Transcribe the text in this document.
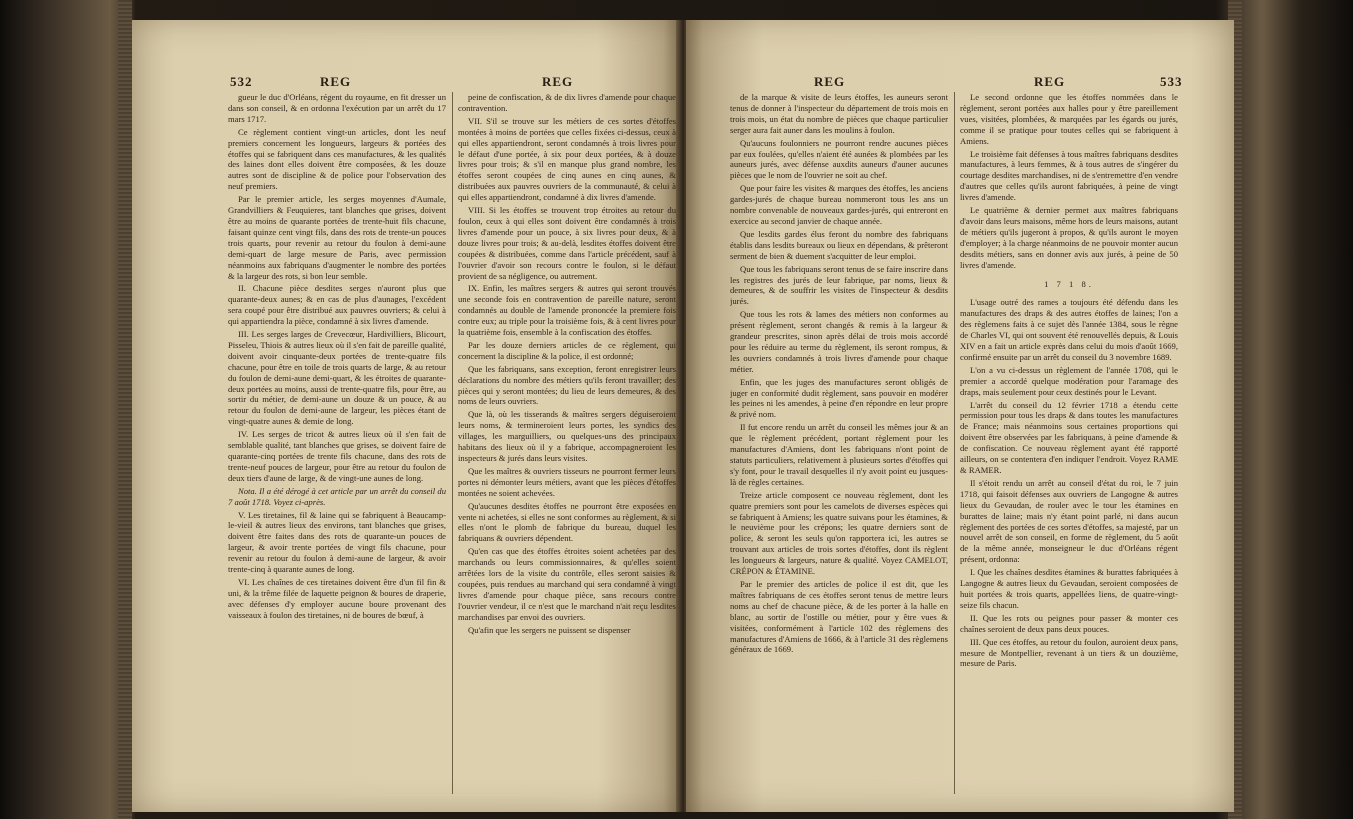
532	REG	REG

gueur le duc d'Orléans, régent du royaume, en fit dresser un dans son conseil, & en ordonna l'exécution par un arrêt du 17 mars 1717.

Ce règlement contient vingt-un articles, dont les neuf premiers concernent les longueurs, largeurs & portées des étoffes qui se fabriquent dans ces manufactures, & les qualités des laines dont elles doivent être composées, & les douze autres sont de discipline & de police pour l'observation des neuf premiers.

Par le premier article, les serges moyennes d'Aumale, Grandvilliers & Feuquieres, tant blanches que grises, doivent être au moins de quarante portées de trente-huit fils chacune, faisant quinze cent vingt fils, dans des rots de trente-un pouces trois quarts, pour revenir au retour du foulon à demi-aune demi-quart de large mesure de Paris, avec permission néanmoins aux fabriquans d'augmenter le nombre des portées & la largeur des rots, si bon leur semble.

II. Chacune pièce desdites serges n'auront plus que quarante-deux aunes; & en cas de plus d'aunages, l'excédent sera coupé pour être distribué aux pauvres ouvriers; & celui à qui appartiendra la pièce, condamné à six livres d'amende.

III. Les serges larges de Crevecœur, Hardivilliers, Blicourt, Pisseleu, Thiois & autres lieux où il s'en fait de pareille qualité, doivent avoir cinquante-deux portées de trente-quatre fils chacune, pour être en toile de trois quarts de large, & au retour du foulon de demi-aune demi-quart, & les étroites de quarante-deux portées au moins, aussi de trente-quatre fils, pour être, au sortir du métier, de demi-aune un douze & un pouce, & au retour du foulon de demi-aune de largeur, les pièces étant de vingt-quatre aunes & demie de long.

IV. Les serges de tricot & autres lieux où il s'en fait de semblable qualité, tant blanches que grises, se doivent faire de quarante-cinq portées de trente fils chacune, dans des rots de trente-neuf pouces de largeur, pour être au retour du foulon de deux tiers d'aune de large, & de vingt-une aunes de long.

Nota. Il a été dérogé à cet article par un arrêt du conseil du 7 août 1718. Voyez ci-après.

V. Les tiretaines, fil & laine qui se fabriquent à Beaucamp-le-vieil & autres lieux des environs, tant blanches que grises, doivent être faites dans des rots de quarante-un pouces de largeur, & avoir trente portées de vingt fils chacune, pour revenir au retour du foulon à demi-aune de largeur, & avoir trente-cinq à quarante aunes de long.

VI. Les chaînes de ces tiretaines doivent être d'un fil fin & uni, & la trême filée de laquette peignon & boures de draperie, avec défenses d'y employer aucune boure provenant des vaisseaux à foulon des tiretaines, ni de boures de bœuf, à

peine de confiscation, & de dix livres d'amende pour chaque contravention.

VII. S'il se trouve sur les métiers de ces sortes d'étoffes montées à moins de portées que celles fixées ci-dessus, ceux à qui elles appartiendront, seront condamnés à trois livres pour le défaut d'une portée, à six pour deux portées, & à douze livres pour trois; & s'il en manque plus grand nombre, les étoffes seront coupées de cinq aunes en cinq aunes, & distribuées aux pauvres ouvriers de la communauté, & celui à qui elles appartiendront, condamné à dix livres d'amende.

VIII. Si les étoffes se trouvent trop étroites au retour du foulon, ceux à qui elles sont doivent être condamnés à trois livres d'amende pour un pouce, à six livres pour deux, & à douze livres pour trois; & au-delà, lesdites étoffes doivent être coupées & distribuées, comme dans l'article précédent, sauf à l'ouvrier d'avoir son recours contre le foulon, si le défaut provient de sa négligence, ou autrement.

IX. Enfin, les maîtres sergers & autres qui seront trouvés une seconde fois en contravention de pareille nature, seront condamnés au double de l'amende prononcée la premiere fois contre eux; au triple pour la troisième fois, & à cent livres pour la quatrième fois, ensemble à la confiscation des étoffes.

Par les douze derniers articles de ce règlement, qui concernent la discipline & la police, il est ordonné;

Que les fabriquans, sans exception, feront enregistrer leurs déclarations du nombre des métiers qu'ils feront travailler; des pièces qui y seront montées; du lieu de leurs demeures, & des noms de leurs ouvriers.

Que là, où les tisserands & maîtres sergers déguiseroient leurs noms, & termineroient leurs portes, les syndics des villages, les marguilliers, ou quelques-uns des principaux habitans des lieux où il y a fabrique, accompagneroient les inspecteurs & jurés dans leurs visites.

Que les maîtres & ouvriers tisseurs ne pourront fermer leurs portes ni démonter leurs métiers, avant que les pièces d'étoffes montées ne soient achevées.

Qu'aucunes desdites étoffes ne pourront être exposées en vente ni achetées, si elles ne sont conformes au règlement, & si elles n'ont le plomb de fabrique du bureau, duquel les fabriquans & ouvriers dépendent.

Qu'en cas que des étoffes étroites soient achetées par des marchands ou leurs commissionnaires, & qu'elles soient arrêtées lors de la visite du contrôle, elles seront saisies & coupées, puis rendues au marchand qui sera condamné à vingt livres d'amende pour chaque pièce, sans recours contre l'ouvrier vendeur, il ce n'est que le marchand n'ait reçu lesdites marchandises par envoi des ouvriers.

Qu'afin que les sergers ne puissent se dispenser

REG	REG	533

de la marque & visite de leurs étoffes, les auneurs seront tenus de donner à l'inspecteur du département de trois mois en trois mois, un état du nombre de pièces que chaque particulier serger aura fait auner dans les moulins à foulon.

Qu'aucuns foulonniers ne pourront rendre aucunes pièces par eux foulées, qu'elles n'aient été aunées & plombées par les auneurs jurés, avec défense auxdits auneurs d'auner aucunes pièces que le nom de l'ouvrier ne soit au chef.

Que pour faire les visites & marques des étoffes, les anciens gardes-jurés de chaque bureau nommeront tous les ans un nombre convenable de nouveaux gardes-jurés, qui entreront en exercice au second janvier de chaque année.

Que lesdits gardes élus feront du nombre des fabriquans établis dans lesdits bureaux ou lieux en dépendans, & prêteront serment de bien & duement s'acquitter de leur emploi.

Que tous les fabriquans seront tenus de se faire inscrire dans les registres des jurés de leur fabrique, par noms, lieux & demeures, & de souffrir les visites de l'inspecteur & desdits jurés.

Que tous les rots & lames des métiers non conformes au présent règlement, seront changés & remis à la largeur & grandeur prescrites, sinon après délai de trois mois accordé pour les réduire au terme du règlement, ils seront rompus, & les ouvriers condamnés à trois livres d'amende pour chaque métier.

Enfin, que les juges des manufactures seront obligés de juger en conformité dudit règlement, sans pouvoir en modérer les peines ni les amendes, à peine d'en répondre en leur propre & privé nom.

Il fut encore rendu un arrêt du conseil les mêmes jour & an que le règlement précédent, portant règlement pour les manufactures d'Amiens, dont les fabriquans n'ont point de statuts particuliers, relativement à plusieurs sortes d'étoffes qui s'y font, pour le travail desquelles il n'y avoit point eu jusques-là de règles certaines.

Treize article composent ce nouveau règlement, dont les quatre premiers sont pour les camelots de diverses espèces qui se fabriquent à Amiens; les quatre suivans pour les étamines, & le neuvième pour les crépons; les quatre derniers sont de police, & seront les seuls qu'on rapportera ici, les autres se trouvant aux articles de trois sortes d'étoffes, dont ils règlent les longueurs & largeurs, nature & qualité. Voyez CAMELOT, CRÉPON & ÉTAMINE.

Par le premier des articles de police il est dit, que les maîtres fabriquans de ces étoffes seront tenus de mettre leurs noms au chef de chacune pièce, & de les porter à la halle en blanc, au sortir de l'ostille ou métier, pour y être vues & visitées, conformément à l'article 102 des règlemens des manufactures d'Amiens de 1666, & à l'article 31 des règlemens généraux de 1669.

Le second ordonne que les étoffes nommées dans le règlement, seront portées aux halles pour y être pareillement vues, visitées, plombées, & marquées par les égards ou jurés, comme il se pratique pour toutes celles qui se fabriquent à Amiens.

Le troisième fait défenses à tous maîtres fabriquans desdites manufactures, à leurs femmes, & à tous autres de s'ingérer du courtage desdites marchandises, ni de s'entremettre d'en vendre d'autres que celles qu'ils auront fabriquées, à peine de vingt livres d'amende.

Le quatrième & dernier permet aux maîtres fabriquans d'avoir dans leurs maisons, même hors de leurs maisons, autant de métiers qu'ils jugeront à propos, & qu'ils auront le moyen d'employer; à la charge néanmoins de ne pouvoir monter aucun desdits métiers, sans en donner avis aux jurés, à peine de 50 livres d'amende.

1 7 1 8.

L'usage outré des rames a toujours été défendu dans les manufactures des draps & des autres étoffes de laines; l'on a des règlemens faits à ce sujet dès l'année 1384, sous le règne de Charles VI, qui ont souvent été renouvellés depuis, & Louis XIV en a fait un article exprès dans celui du mois d'août 1669, confirmé ensuite par un arrêt du conseil du 3 novembre 1689.

L'on a vu ci-dessus un règlement de l'année 1708, qui le premier a accordé quelque modération pour l'aramage des draps, mais seulement pour ceux destinés pour le Levant.

L'arrêt du conseil du 12 février 1718 a étendu cette permission pour tous les draps & dans toutes les manufactures de France; mais néanmoins sous certaines proportions qui doivent être observées par les fabriquans, à peine d'amende & de confiscation. Ce nouveau règlement ayant été rapporté ailleurs, on se contentera d'en indiquer l'endroit. Voyez RAME & RAMER.

Il s'étoit rendu un arrêt au conseil d'état du roi, le 7 juin 1718, qui faisoit défenses aux ouvriers de Langogne & autres lieux du Gevaudan, de rouler avec le tour les étamines en burattes de laine; mais n'y étant point parlé, ni dans aucun règlement des portées de ces sortes d'étoffes, sa majesté, par un nouvel arrêt de son conseil, en forme de règlement, du 5 août de la même année, monseigneur le duc d'Orléans régent présent, ordonna:

I. Que les chaînes desdites étamines & burattes fabriquées à Langogne & autres lieux du Gevaudan, seroient composées de huit portées & trois quarts, appellées liens, de quatre-vingt-seize fils chacun.

II. Que les rots ou peignes pour passer & monter ces chaînes seroient de deux pans deux pouces.

III. Que ces étoffes, au retour du foulon, auroient deux pans, mesure de Montpellier, revenant à un tiers & un douzième, mesure de Paris.
